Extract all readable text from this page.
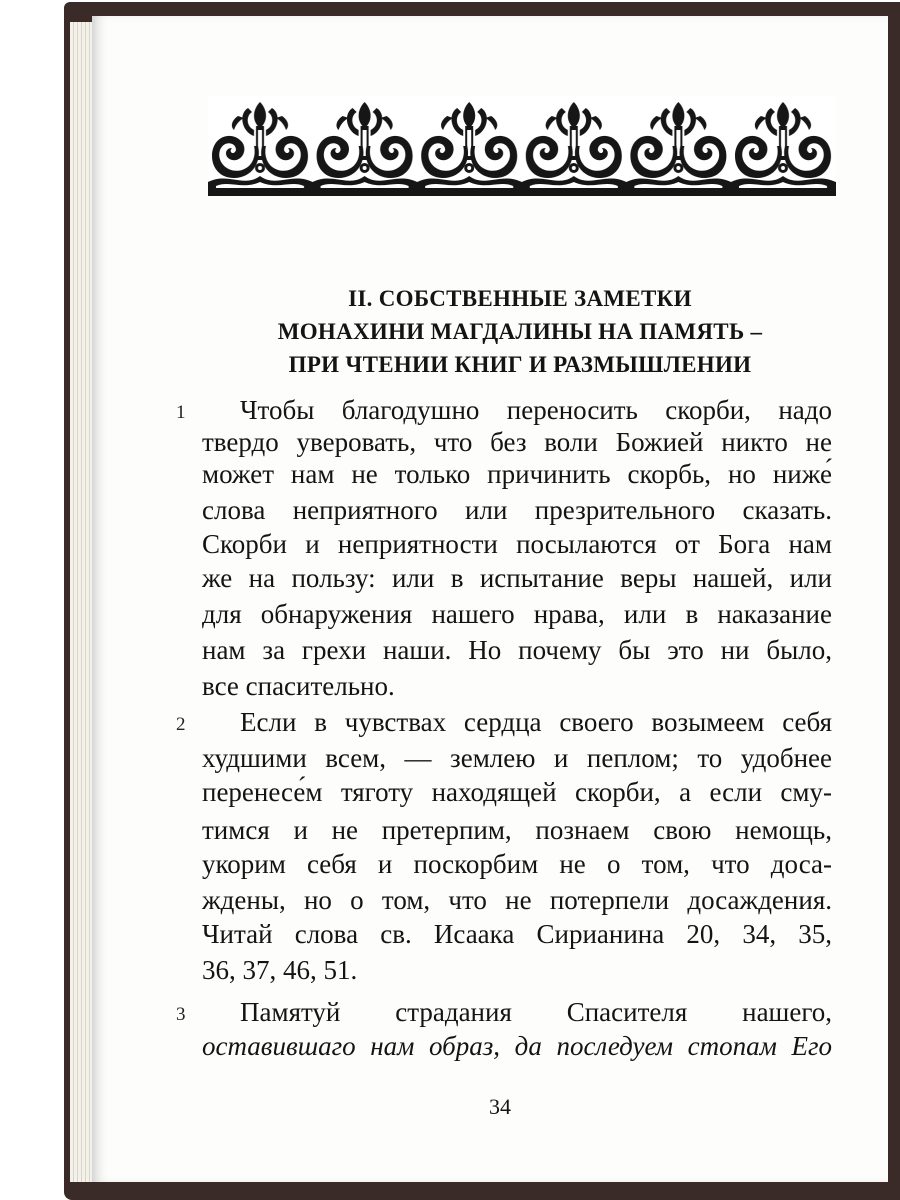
II. СОБСТВЕННЫЕ ЗАМЕТКИ
МОНАХИНИ МАГДАЛИНЫ НА ПАМЯТЬ –
ПРИ ЧТЕНИИ КНИГ И РАЗМЫШЛЕНИИ
1 Чтобы благодушно переносить скорби, надо
твердо уверовать, что без воли Божией никто не
может нам не только причинить скорбь, но ниже́
слова неприятного или презрительного сказать.
Скорби и неприятности посылаются от Бога нам
же на пользу: или в испытание веры нашей, или
для обнаружения нашего нрава, или в наказание
нам за грехи наши. Но почему бы это ни было,
все спасительно.
2 Если в чувствах сердца своего возымеем себя
худшими всем, — землею и пеплом; то удобнее
перенесе́м тяготу находящей скорби, а если сму-
тимся и не претерпим, познаем свою немощь,
укорим себя и поскорбим не о том, что доса-
ждены, но о том, что не потерпели досаждения.
Читай слова св. Исаака Сирианина 20, 34, 35,
36, 37, 46, 51.
3 Памятуй страдания Спасителя нашего,
оставившаго нам образ, да последуем стопам Его
34
